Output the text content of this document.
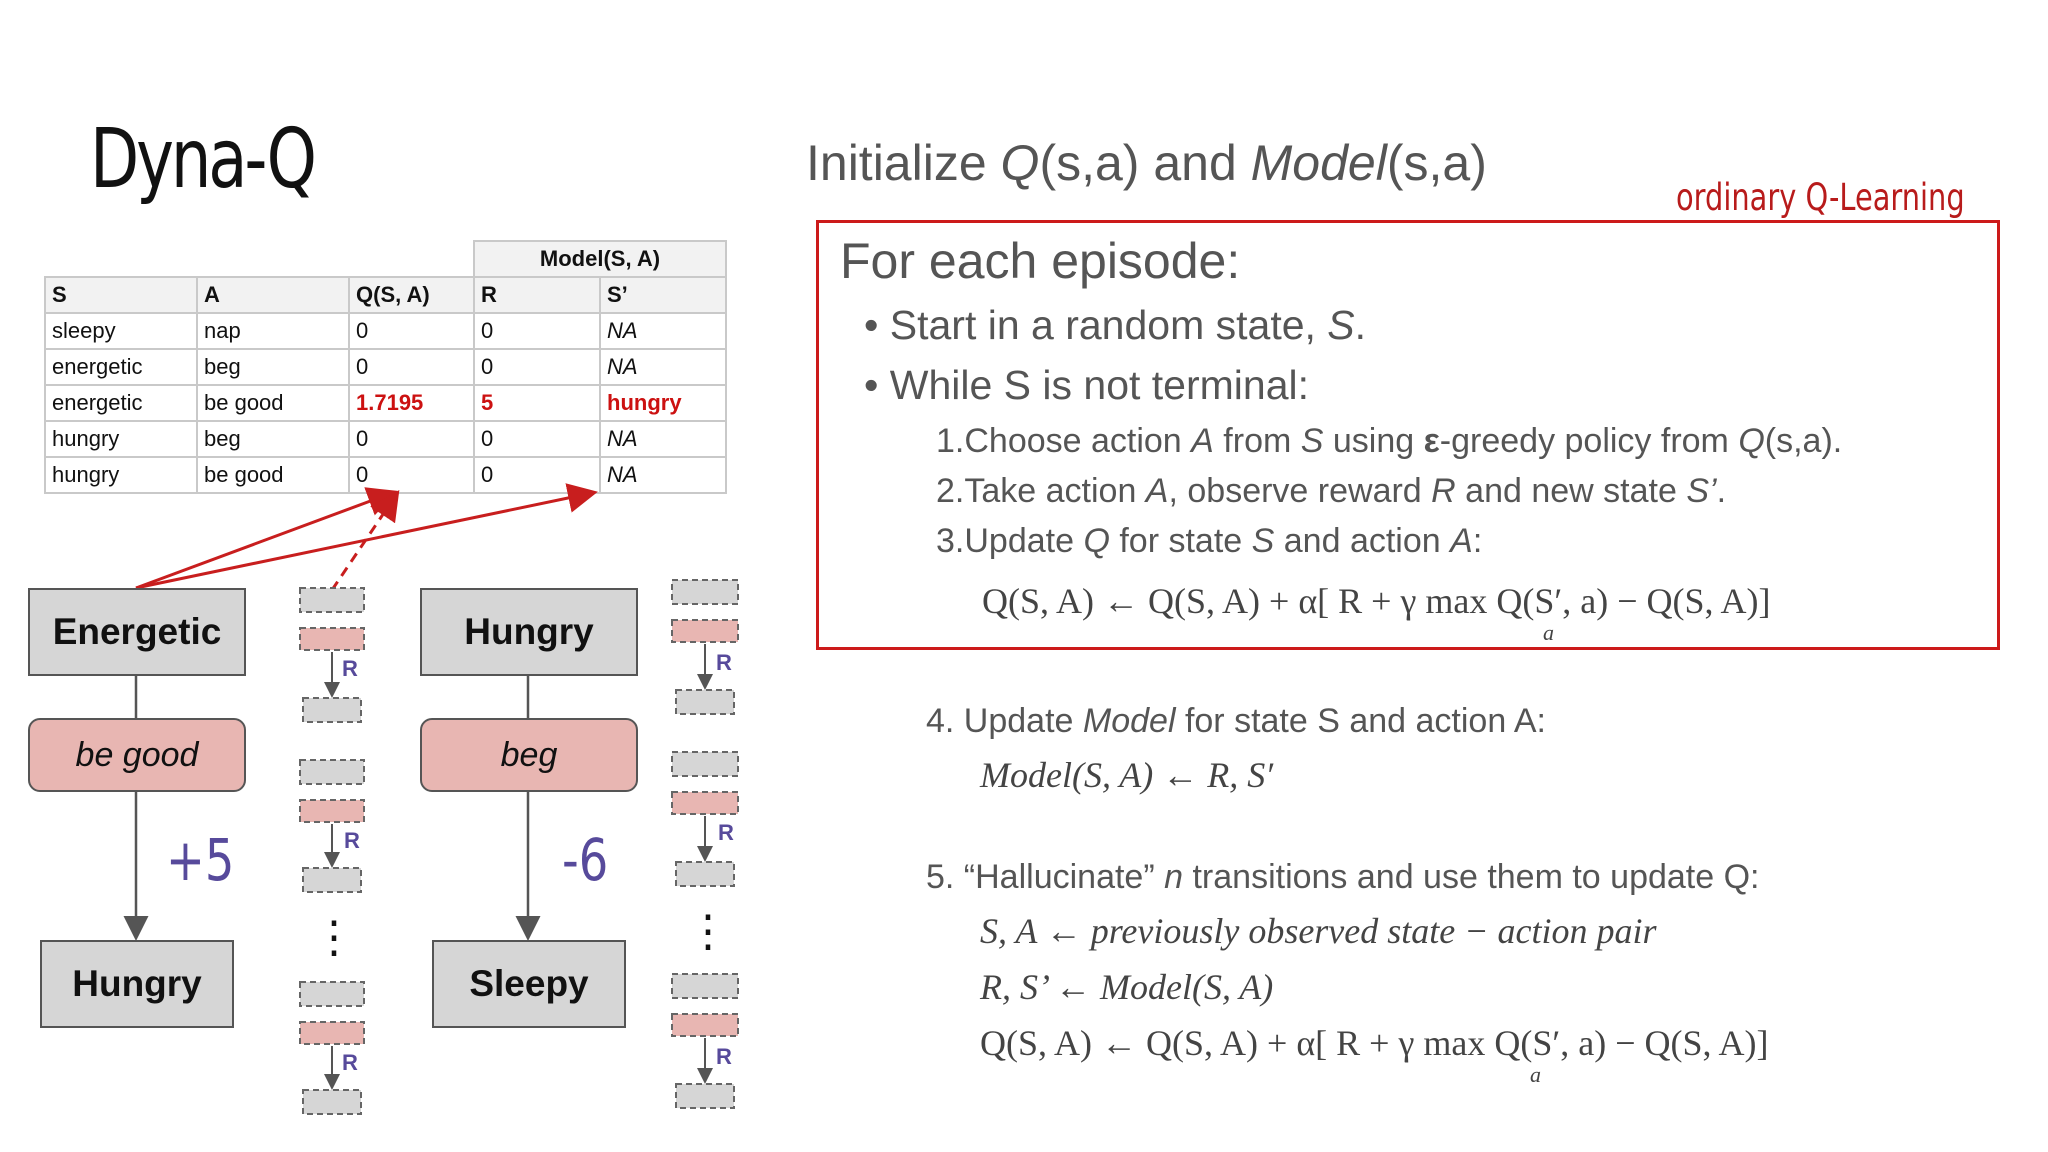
Dyna-Q
			Model(S, A)	
S	A	Q(S, A)	R	S’
sleepy	nap	0	0	NA
energetic	beg	0	0	NA
energetic	be good	1.7195	5	hungry
hungry	beg	0	0	NA
hungry	be good	0	0	NA
R
R
R
R
R
R
⋮	⋮
Energetic
be good
+5
Hungry
Hungry
beg
-6
Sleepy
Initialize Q(s,a) and Model(s,a)
ordinary Q-Learning
For each episode:
• Start in a random state, S.
• While S is not terminal:
1.Choose action A from S using ε-greedy policy from Q(s,a).
2.Take action A, observe reward R and new state S’.
3.Update Q for state S and action A:
Q(S, A) ← Q(S, A) + α[ R + γ max Q(S′, a) − Q(S, A)]
a
4. Update Model for state S and action A:
Model(S, A) ← R, S′
5. “Hallucinate” n transitions and use them to update Q:
S, A ← previously observed state − action pair
R, S’ ← Model(S, A)
Q(S, A) ← Q(S, A) + α[ R + γ max Q(S′, a) − Q(S, A)]
a
